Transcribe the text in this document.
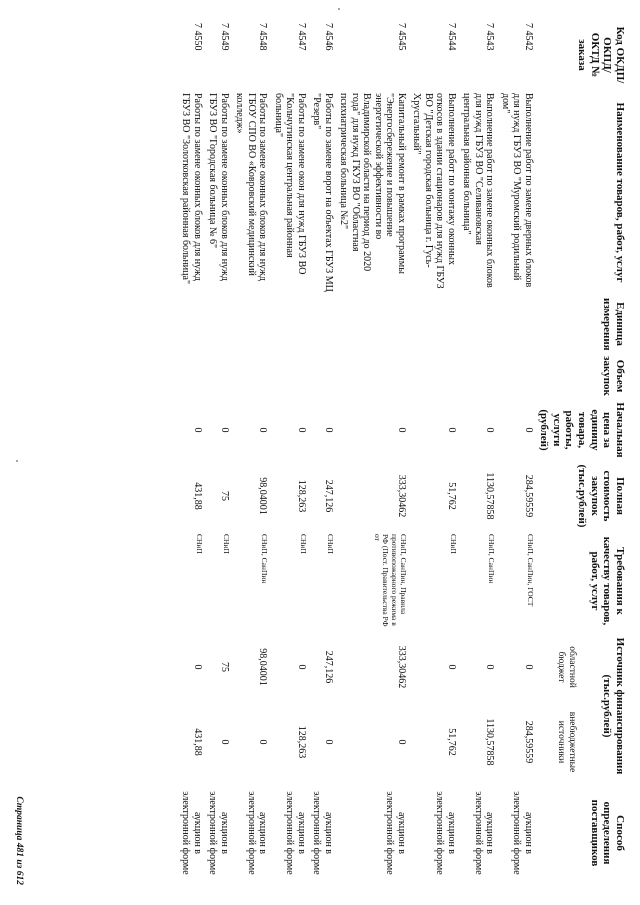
Код ОКДП/ ОКПД/ ОКТД № заказа	Наименование товаров, работ, услуг	Единица измерения	Объем закупок	Начальная цена за единицу товара, работы, услуги (рублей)	Полная стоимость закупок (тыс.рублей)	Требования к качеству товаров, работ, услуг	Источник финансирования (тыс.рублей)		Способ определения поставщиков
							областной бюджет	внебюджетные источники	
7 4542	Выполнение работ по замене дверных блоков для нужд ГБУЗ ВО "Муромский родильный дом"			0	284,59559	СНиП, СанПин, ГОСТ	0	284,59559	аукцион в электронной форме
7 4543	Выполнение работ по замене оконных блоков для нужд ГБУЗ ВО "Селивановская центральная районная больница"			0	1130,57858	СНиП, СанПин	0	1130,57858	аукцион в электронной форме
7 4544	Выполнение работ по монтажу оконных откосов в здании стационаров для нужд ГБУЗ ВО "Детская городская больница г. Гусь-Хрустальный"			0	51,762	СНиП	0	51,762	аукцион в электронной форме
7 4545	Капитальный ремонт в рамках программы "Энергосбережение и повышение энергетической эффективности во Владимирской области на период до 2020 года" для нужд ГКУЗ ВО "Областная психиатрическая больница №2"			0	333,30462	СНиП, СанПин, Правила противопожарного режима в РФ (Пост. Правительства РФ от	333,30462	0	аукцион в электронной форме
7 4546	Работы по замене ворот на объектах ГБУЗ МЦ "Резерв"			0	247,126	СНиП	247,126	0	аукцион в электронной форме
7 4547	Работы по замене окон для нужд ГБУЗ ВО "Кольчугинская центральная районная больница"			0	128,263	СНиП	0	128,263	аукцион в электронной форме
7 4548	Работы по замене оконных блоков для нужд ГБОУ СПО ВО «Ковровский медицинский колледж»			0	98,04001	СНиП, СанПин	98,04001	0	аукцион в электронной форме
7 4549	Работы по замене оконных блоков для нужд ГБУЗ ВО "Городская больница № 6"			0	75	СНиП	75	0	аукцион в электронной форме
7 4550	Работы по замене оконных блоков для нужд ГБУЗ ВО "Золотковская районная больница"			0	431,88	СНиП	0	431,88	аукцион в электронной форме
Страница 481 из 612
